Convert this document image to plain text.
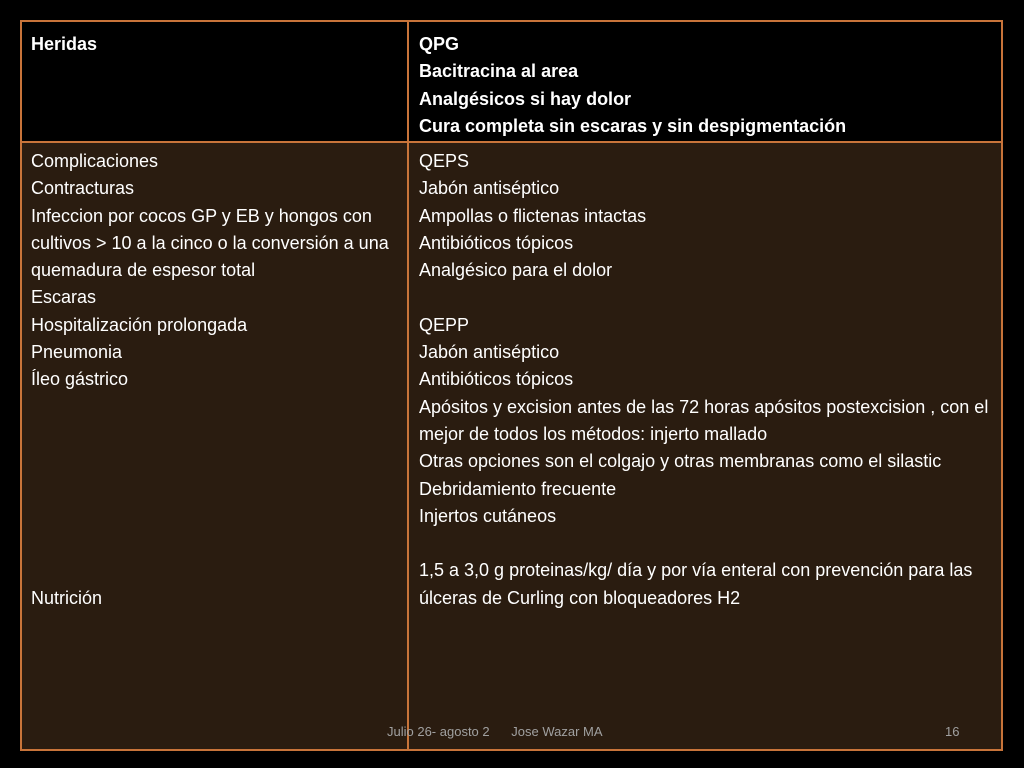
Heridas	QPG
Bacitracina al area
Analgésicos si hay dolor
Cura completa sin escaras y sin despigmentación
Complicaciones
Contracturas
Infeccion por cocos GP y EB y hongos con cultivos > 10 a la cinco o la conversión a una quemadura de espesor total
Escaras
Hospitalización prolongada
Pneumonia
Íleo gástrico

Nutrición
QEPS
Jabón antiséptico
Ampollas o flictenas intactas
Antibióticos tópicos
Analgésico para el dolor

QEPP
Jabón antiséptico
Antibióticos tópicos
Apósitos y excision antes de las 72 horas apósitos postexcision , con el mejor de todos los métodos: injerto mallado
Otras opciones son el colgajo y otras membranas como el silastic
Debridamiento frecuente
Injertos cutáneos

1,5 a 3,0 g proteinas/kg/ día y por vía enteral con prevención para las úlceras de Curling con bloqueadores H2
Julio 26- agosto 2      Jose Wazar MA	16
